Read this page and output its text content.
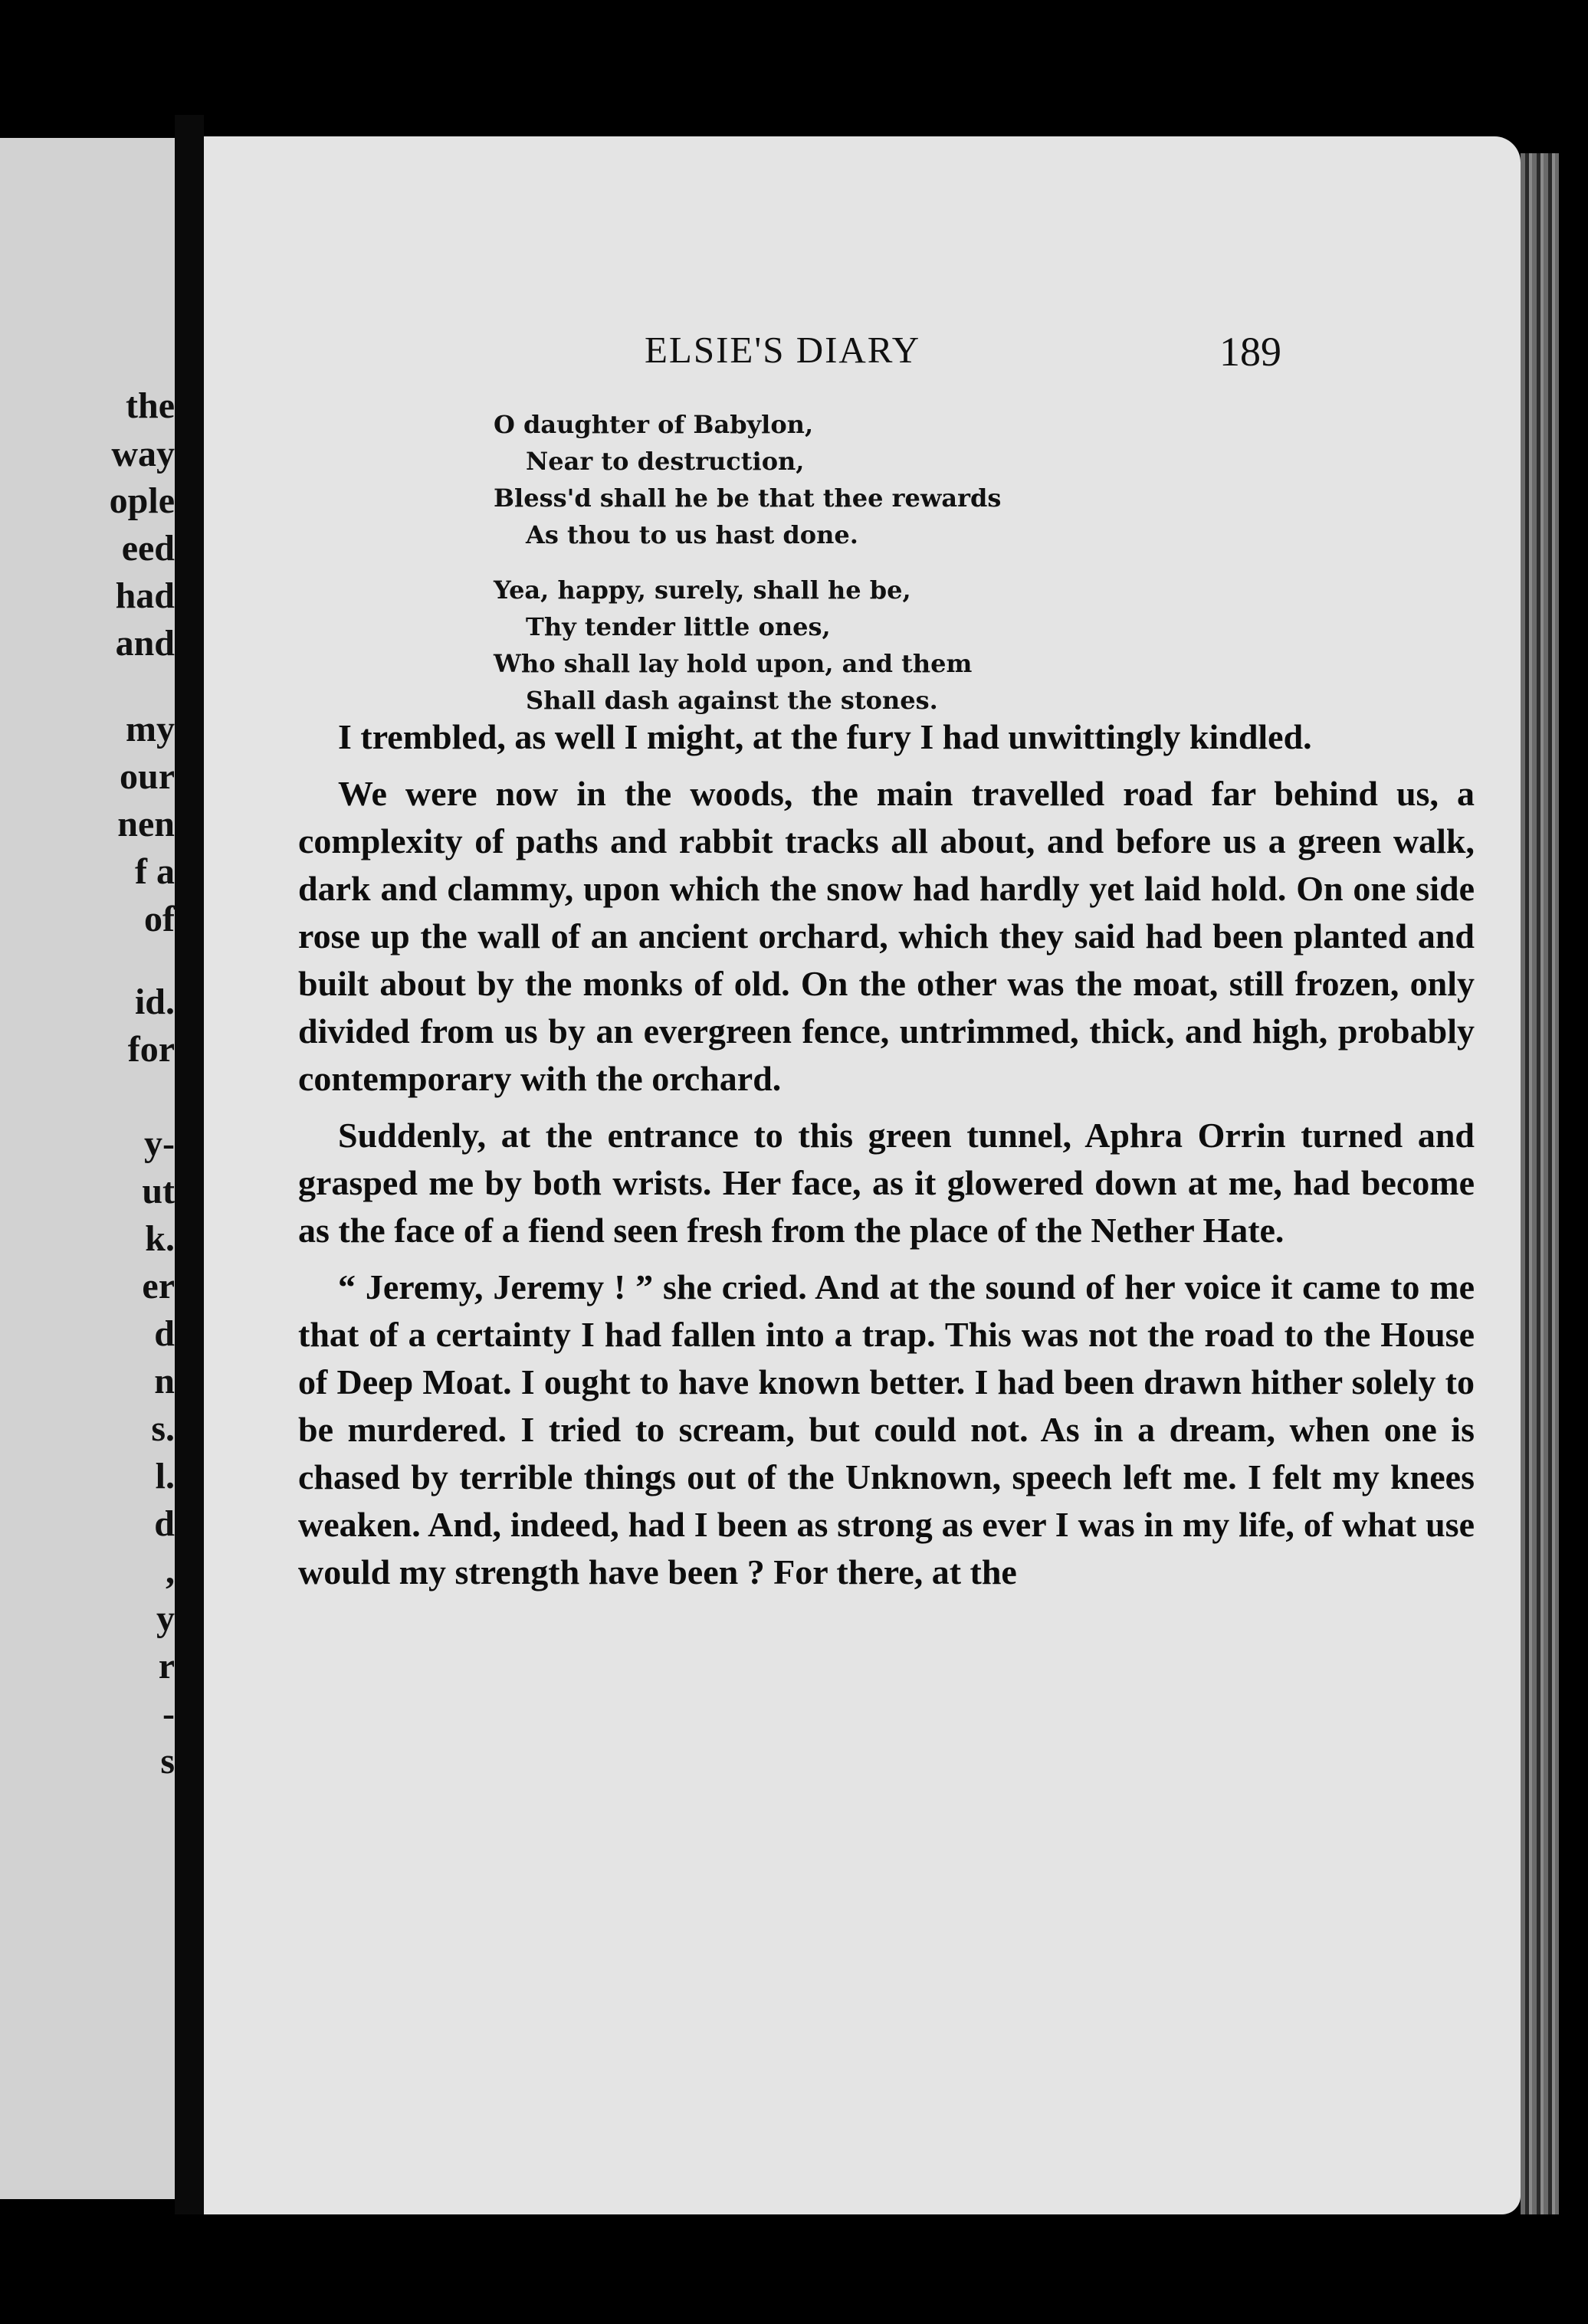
the
way
ople
eed
had
and
my
our
nen
f a
of
id.
for
y-
ut
k.
er
d
n
s.
l.
d
,
y
r
-
s
ELSIE'S DIARY	189
O daughter of Babylon,
Near to destruction,
Bless'd shall he be that thee rewards
As thou to us hast done.
Yea, happy, surely, shall he be,
Thy tender little ones,
Who shall lay hold upon, and them
Shall dash against the stones.

I trembled, as well I might, at the fury I had unwittingly kindled.

We were now in the woods, the main travelled road far behind us, a complexity of paths and rabbit tracks all about, and before us a green walk, dark and clammy, upon which the snow had hardly yet laid hold. On one side rose up the wall of an ancient orchard, which they said had been planted and built about by the monks of old. On the other was the moat, still frozen, only divided from us by an evergreen fence, untrimmed, thick, and high, probably contemporary with the orchard.

Suddenly, at the entrance to this green tunnel, Aphra Orrin turned and grasped me by both wrists. Her face, as it glowered down at me, had become as the face of a fiend seen fresh from the place of the Nether Hate.

“ Jeremy, Jeremy ! ” she cried. And at the sound of her voice it came to me that of a certainty I had fallen into a trap. This was not the road to the House of Deep Moat. I ought to have known better. I had been drawn hither solely to be murdered. I tried to scream, but could not. As in a dream, when one is chased by terrible things out of the Unknown, speech left me. I felt my knees weaken. And, indeed, had I been as strong as ever I was in my life, of what use would my strength have been ? For there, at the
